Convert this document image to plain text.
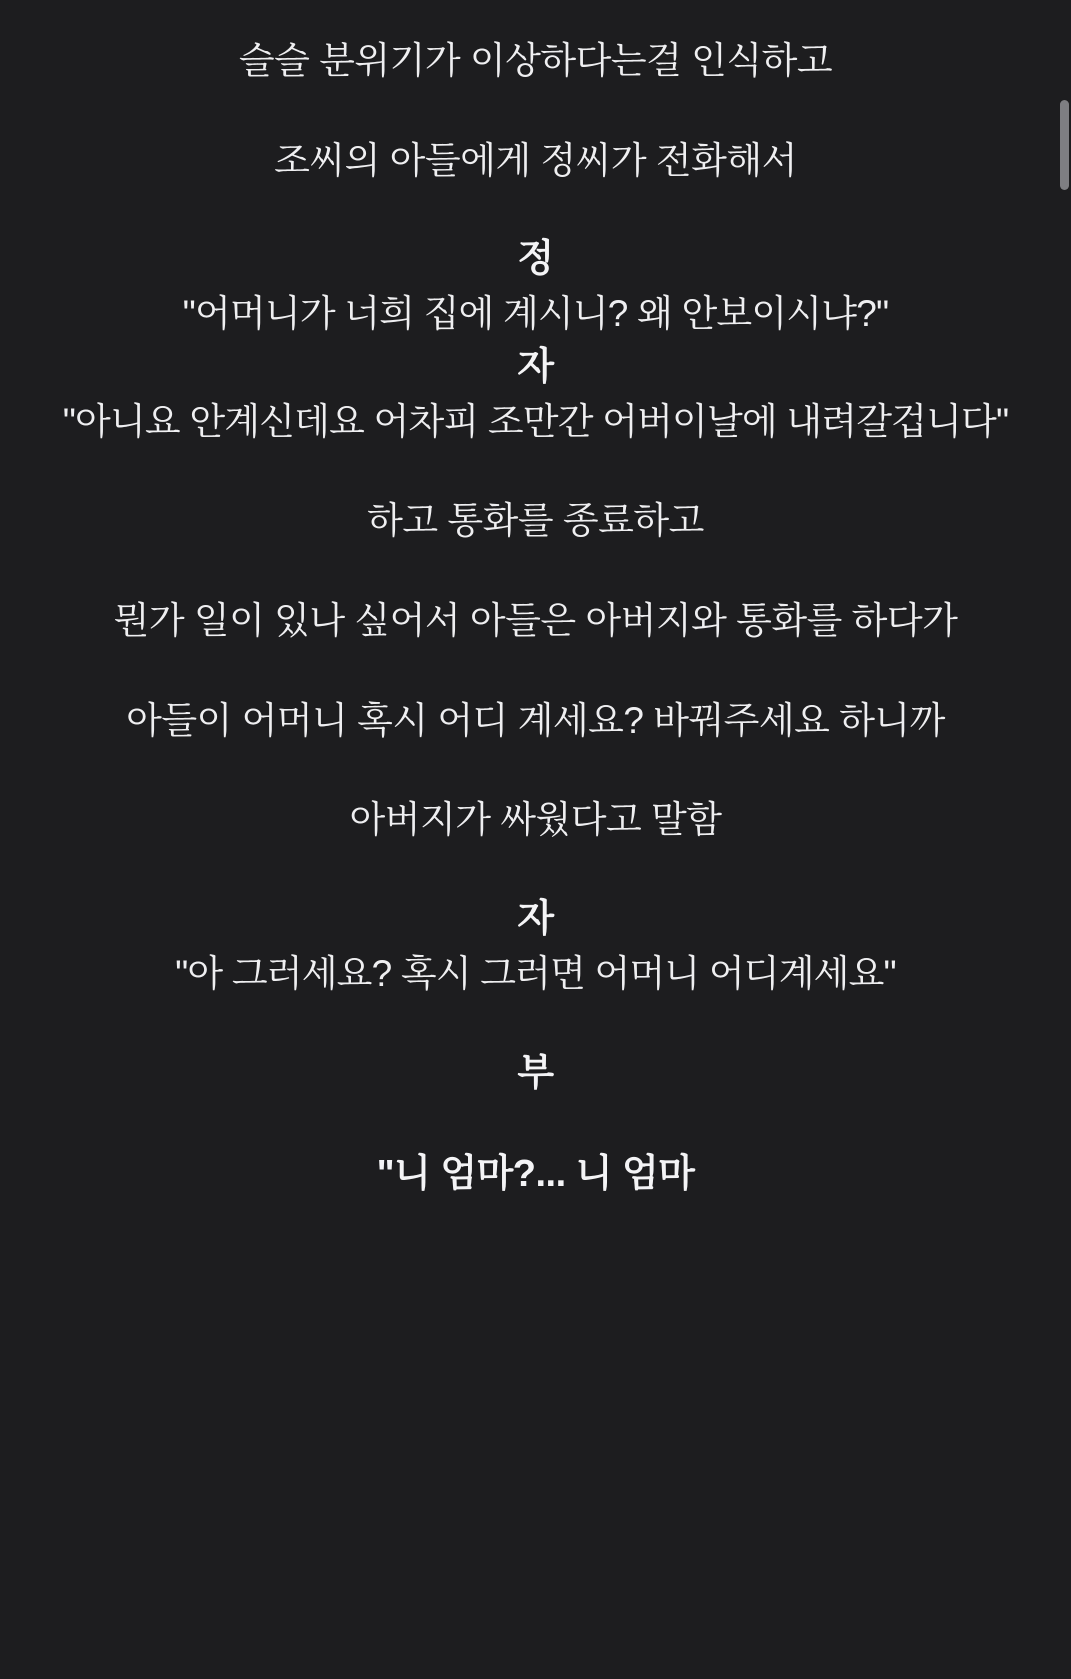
슬슬 분위기가 이상하다는걸 인식하고

조씨의 아들에게 정씨가 전화해서

정

"어머니가 너희 집에 계시니? 왜 안보이시냐?"

자

"아니요 안계신데요 어차피 조만간 어버이날에 내려갈겁니다"

하고 통화를 종료하고

뭔가 일이 있나 싶어서 아들은 아버지와 통화를 하다가

아들이 어머니 혹시 어디 계세요? 바꿔주세요 하니까

아버지가 싸웠다고 말함

자

"아 그러세요? 혹시 그러면 어머니 어디계세요"

부

"니 엄마?... 니 엄마
